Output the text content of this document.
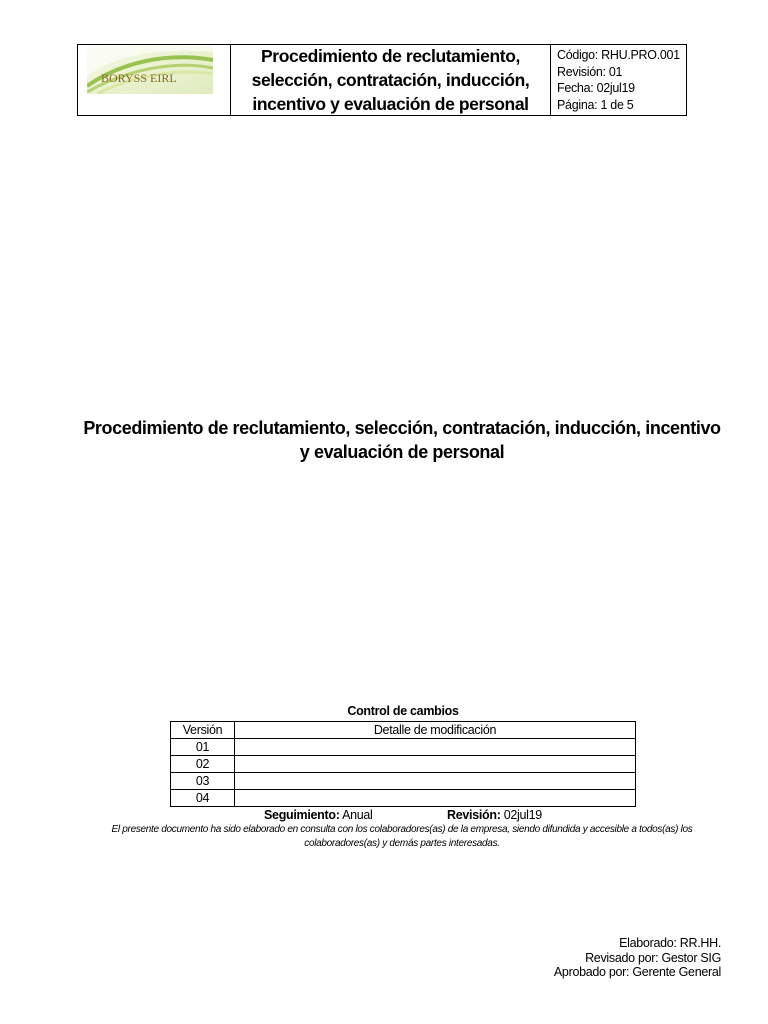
BORYSS EIRL
Procedimiento de reclutamiento, selección, contratación, inducción, incentivo y evaluación de personal
Código: RHU.PRO.001
Revisión: 01
Fecha: 02jul19
Página: 1 de 5
Procedimiento de reclutamiento, selección, contratación, inducción, incentivo y evaluación de personal
Control de cambios
Versión	Detalle de modificación
01	
02	
03	
04	
Seguimiento: Anual	Revisión: 02jul19
El presente documento ha sido elaborado en consulta con los colaboradores(as) de la empresa, siendo difundida y accesible a todos(as) los colaboradores(as) y demás partes interesadas.
Elaborado: RR.HH.
Revisado por: Gestor SIG
Aprobado por: Gerente General
